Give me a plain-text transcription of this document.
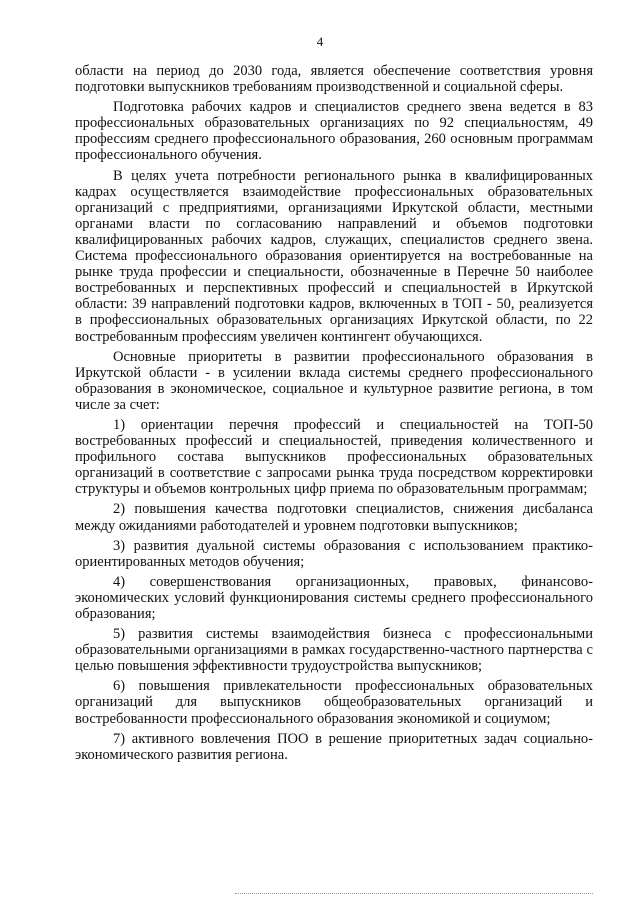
4

области на период до 2030 года, является обеспечение соответствия уровня подготовки выпускников требованиям производственной и социальной сферы.

Подготовка рабочих кадров и специалистов среднего звена ведется в 83 профессиональных образовательных организациях по 92 специальностям, 49 профессиям среднего профессионального образования, 260 основным программам профессионального обучения.

В целях учета потребности регионального рынка в квалифицированных кадрах осуществляется взаимодействие профессиональных образовательных организаций с предприятиями, организациями Иркутской области, местными органами власти по согласованию направлений и объемов подготовки квалифицированных рабочих кадров, служащих, специалистов среднего звена. Система профессионального образования ориентируется на востребованные на рынке труда профессии и специальности, обозначенные в Перечне 50 наиболее востребованных и перспективных профессий и специальностей в Иркутской области: 39 направлений подготовки кадров, включенных в ТОП - 50, реализуется в профессиональных образовательных организациях Иркутской области, по 22 востребованным профессиям увеличен контингент обучающихся.

Основные приоритеты в развитии профессионального образования в Иркутской области - в усилении вклада системы среднего профессионального образования в экономическое, социальное и культурное развитие региона, в том числе за счет:

1) ориентации перечня профессий и специальностей на ТОП-50 востребованных профессий и специальностей, приведения количественного и профильного состава выпускников профессиональных образовательных организаций в соответствие с запросами рынка труда посредством корректировки структуры и объемов контрольных цифр приема по образовательным программам;

2) повышения качества подготовки специалистов, снижения дисбаланса между ожиданиями работодателей и уровнем подготовки выпускников;

3) развития дуальной системы образования с использованием практико-ориентированных методов обучения;

4) совершенствования организационных, правовых, финансово-экономических условий функционирования системы среднего профессионального образования;

5) развития системы взаимодействия бизнеса с профессиональными образовательными организациями в рамках государственно-частного партнерства с целью повышения эффективности трудоустройства выпускников;

6) повышения привлекательности профессиональных образовательных организаций для выпускников общеобразовательных организаций и востребованности профессионального образования экономикой и социумом;

7) активного вовлечения ПОО в решение приоритетных задач социально-экономического развития региона.
